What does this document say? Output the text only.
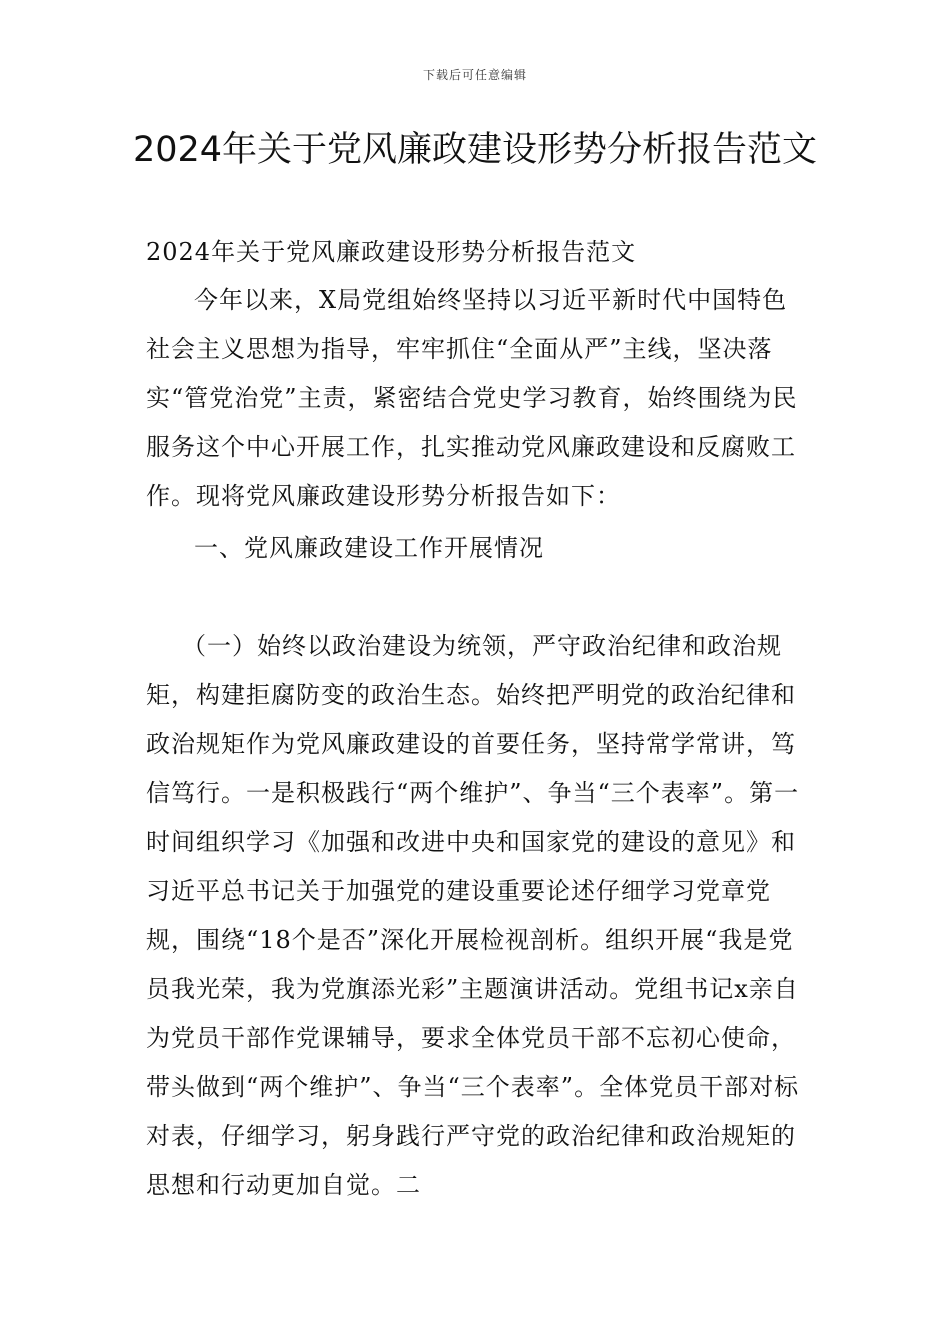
下载后可任意编辑
2024年关于党风廉政建设形势分析报告范文

2024年关于党风廉政建设形势分析报告范文

今年以来，X局党组始终坚持以习近平新时代中国特色社会主义思想为指导，牢牢抓住“全面从严”主线，坚决落实“管党治党”主责，紧密结合党史学习教育，始终围绕为民服务这个中心开展工作，扎实推动党风廉政建设和反腐败工作。现将党风廉政建设形势分析报告如下：

一、党风廉政建设工作开展情况

（一）始终以政治建设为统领，严守政治纪律和政治规矩，构建拒腐防变的政治生态。始终把严明党的政治纪律和政治规矩作为党风廉政建设的首要任务，坚持常学常讲，笃信笃行。一是积极践行“两个维护”、争当“三个表率”。第一时间组织学习《加强和改进中央和国家党的建设的意见》和习近平总书记关于加强党的建设重要论述仔细学习党章党规，围绕“18个是否”深化开展检视剖析。组织开展“我是党员我光荣，我为党旗添光彩”主题演讲活动。党组书记x亲自为党员干部作党课辅导，要求全体党员干部不忘初心使命，带头做到“两个维护”、争当“三个表率”。全体党员干部对标对表，仔细学习，躬身践行严守党的政治纪律和政治规矩的思想和行动更加自觉。二
